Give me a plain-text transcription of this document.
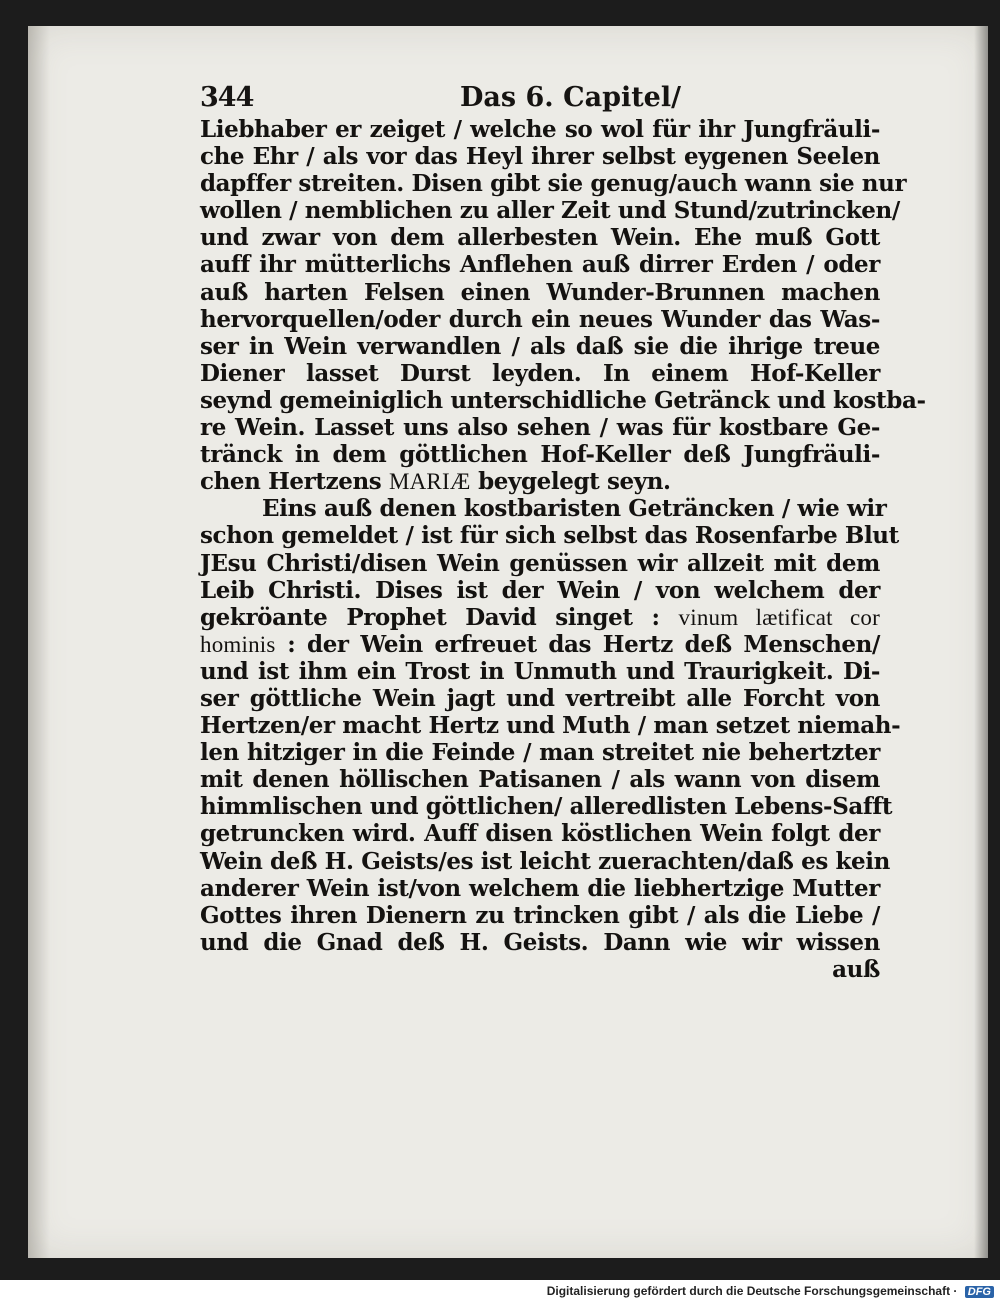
344	Das 6. Capitel/
Liebhaber er zeiget / welche so wol für ihr Jungfräuli-
che Ehr / als vor das Heyl ihrer selbst eygenen Seelen
dapffer streiten. Disen gibt sie genug/auch wann sie nur
wollen / nemblichen zu aller Zeit und Stund/zutrincken/
und zwar von dem allerbesten Wein. Ehe muß Gott
auff ihr mütterlichs Anflehen auß dirrer Erden / oder
auß harten Felsen einen Wunder-Brunnen machen
hervorquellen/oder durch ein neues Wunder das Was-
ser in Wein verwandlen / als daß sie die ihrige treue
Diener lasset Durst leyden. In einem Hof-Keller
seynd gemeiniglich unterschidliche Getränck und kostba-
re Wein. Lasset uns also sehen / was für kostbare Ge-
tränck in dem göttlichen Hof-Keller deß Jungfräuli-
chen Hertzens MARIÆ beygelegt seyn.
Eins auß denen kostbaristen Geträncken / wie wir
schon gemeldet / ist für sich selbst das Rosenfarbe Blut
JEsu Christi/disen Wein genüssen wir allzeit mit dem
Leib Christi. Dises ist der Wein / von welchem der
gekröante Prophet David singet : vinum lætificat cor
hominis : der Wein erfreuet das Hertz deß Menschen/
und ist ihm ein Trost in Unmuth und Traurigkeit. Di-
ser göttliche Wein jagt und vertreibt alle Forcht von
Hertzen/er macht Hertz und Muth / man setzet niemah-
len hitziger in die Feinde / man streitet nie behertzter
mit denen höllischen Patisanen / als wann von disem
himmlischen und göttlichen/ alleredlisten Lebens-Safft
getruncken wird. Auff disen köstlichen Wein folgt der
Wein deß H. Geists/es ist leicht zuerachten/daß es kein
anderer Wein ist/von welchem die liebhertzige Mutter
Gottes ihren Dienern zu trincken gibt / als die Liebe /
und die Gnad deß H. Geists. Dann wie wir wissen
auß
Digitalisierung gefördert durch die Deutsche Forschungsgemeinschaft · DFG
